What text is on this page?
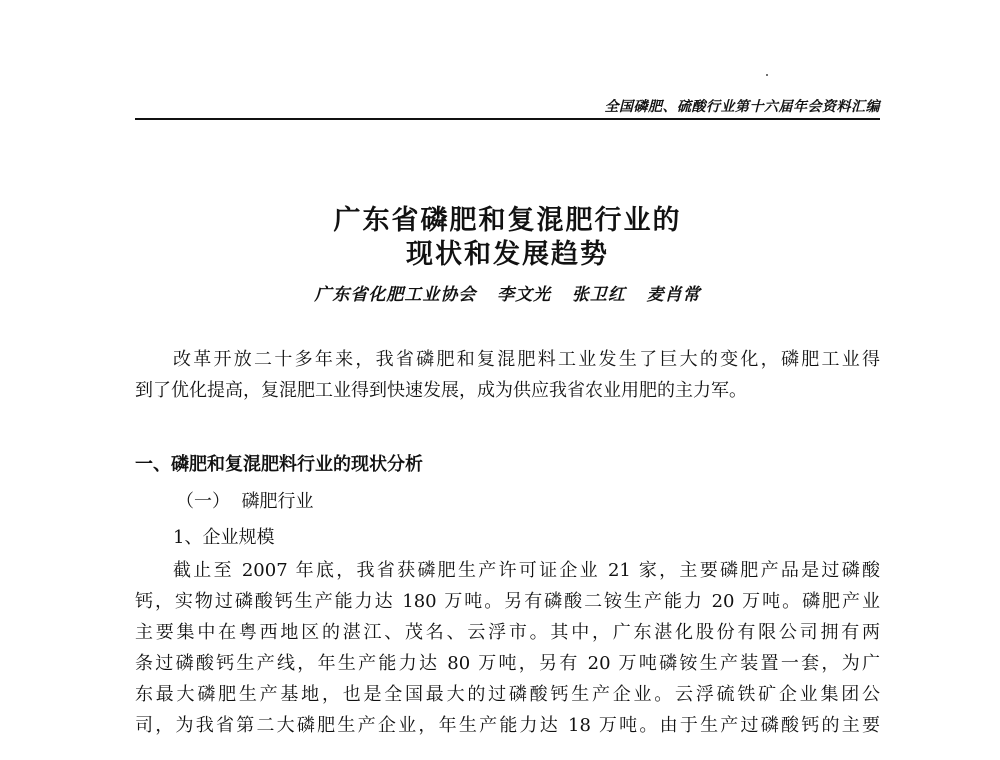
全国磷肥、硫酸行业第十六届年会资料汇编
广东省磷肥和复混肥行业的
现状和发展趋势
广东省化肥工业协会   李文光   张卫红   麦肖常
改革开放二十多年来，我省磷肥和复混肥料工业发生了巨大的变化，磷肥工业得
到了优化提高，复混肥工业得到快速发展，成为供应我省农业用肥的主力军。
一、磷肥和复混肥料行业的现状分析
（一）  磷肥行业
1、企业规模
截止至 2007 年底，我省获磷肥生产许可证企业 21 家，主要磷肥产品是过磷酸
钙，实物过磷酸钙生产能力达 180 万吨。另有磷酸二铵生产能力 20 万吨。磷肥产业
主要集中在粤西地区的湛江、茂名、云浮市。其中，广东湛化股份有限公司拥有两
条过磷酸钙生产线，年生产能力达 80 万吨，另有 20 万吨磷铵生产装置一套，为广
东最大磷肥生产基地，也是全国最大的过磷酸钙生产企业。云浮硫铁矿企业集团公
司，为我省第二大磷肥生产企业，年生产能力达 18 万吨。由于生产过磷酸钙的主要
